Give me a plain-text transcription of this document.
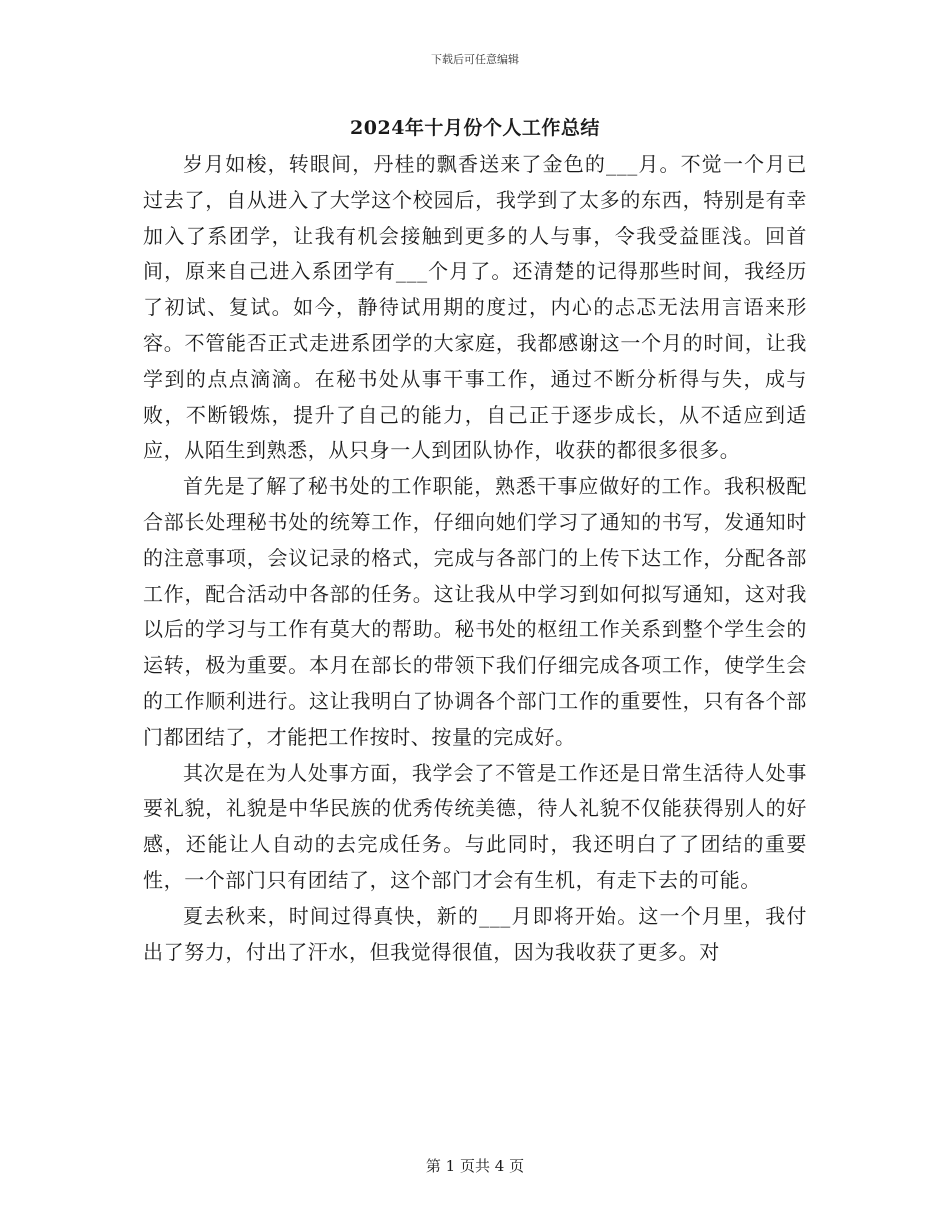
下载后可任意编辑
2024年十月份个人工作总结

岁月如梭，转眼间，丹桂的飘香送来了金色的___月。不觉一个月已过去了，自从进入了大学这个校园后，我学到了太多的东西，特别是有幸加入了系团学，让我有机会接触到更多的人与事，令我受益匪浅。回首间，原来自己进入系团学有___个月了。还清楚的记得那些时间，我经历了初试、复试。如今，静待试用期的度过，内心的忐忑无法用言语来形容。不管能否正式走进系团学的大家庭，我都感谢这一个月的时间，让我学到的点点滴滴。在秘书处从事干事工作，通过不断分析得与失，成与败，不断锻炼，提升了自己的能力，自己正于逐步成长，从不适应到适应，从陌生到熟悉，从只身一人到团队协作，收获的都很多很多。

首先是了解了秘书处的工作职能，熟悉干事应做好的工作。我积极配合部长处理秘书处的统筹工作，仔细向她们学习了通知的书写，发通知时的注意事项，会议记录的格式，完成与各部门的上传下达工作，分配各部工作，配合活动中各部的任务。这让我从中学习到如何拟写通知，这对我以后的学习与工作有莫大的帮助。秘书处的枢纽工作关系到整个学生会的运转，极为重要。本月在部长的带领下我们仔细完成各项工作，使学生会的工作顺利进行。这让我明白了协调各个部门工作的重要性，只有各个部门都团结了，才能把工作按时、按量的完成好。

其次是在为人处事方面，我学会了不管是工作还是日常生活待人处事要礼貌，礼貌是中华民族的优秀传统美德，待人礼貌不仅能获得别人的好感，还能让人自动的去完成任务。与此同时，我还明白了了团结的重要性，一个部门只有团结了，这个部门才会有生机，有走下去的可能。

夏去秋来，时间过得真快，新的___月即将开始。这一个月里，我付出了努力，付出了汗水，但我觉得很值，因为我收获了更多。对

第 1 页共 4 页
